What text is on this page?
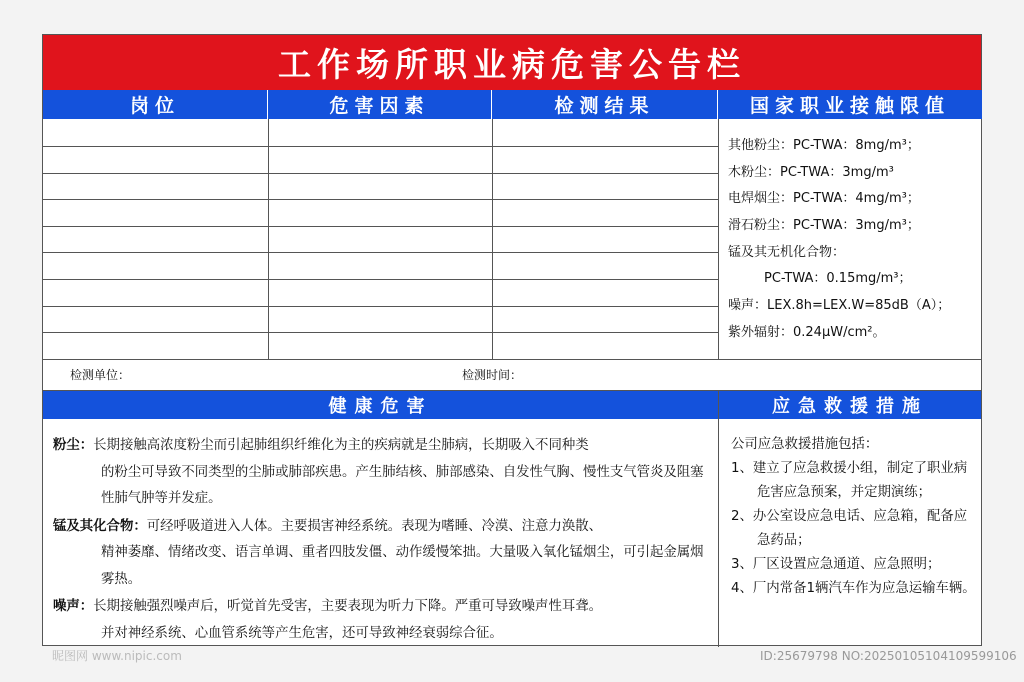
工作场所职业病危害公告栏
岗位	危害因素	检测结果	国家职业接触限值
其他粉尘：PC-TWA：8mg/m³；
木粉尘：PC-TWA：3mg/m³
电焊烟尘：PC-TWA：4mg/m³；
滑石粉尘：PC-TWA：3mg/m³；
锰及其无机化合物：
PC-TWA：0.15mg/m³；
噪声：LEX.8h=LEX.W=85dB（A）；
紫外辐射：0.24μW/cm²。
检测单位：	检测时间：
健康危害	应急救援措施

粉尘：长期接触高浓度粉尘而引起肺组织纤维化为主的疾病就是尘肺病，长期吸入不同种类
的粉尘可导致不同类型的尘肺或肺部疾患。产生肺结核、肺部感染、自发性气胸、慢性支气管炎及阻塞性肺气肿等并发症。

锰及其化合物：可经呼吸道进入人体。主要损害神经系统。表现为嗜睡、冷漠、注意力涣散、
精神萎靡、情绪改变、语言单调、重者四肢发僵、动作缓慢笨拙。大量吸入氧化锰烟尘，可引起金属烟雾热。

噪声：长期接触强烈噪声后，听觉首先受害，主要表现为听力下降。严重可导致噪声性耳聋。
并对神经系统、心血管系统等产生危害，还可导致神经衰弱综合征。

公司应急救援措施包括：

1、建立了应急救援小组，制定了职业病危害应急预案，并定期演练；

2、办公室设应急电话、应急箱，配备应急药品；

3、厂区设置应急通道、应急照明；

4、厂内常备1辆汽车作为应急运输车辆。

昵图网 www.nipic.com	ID:25679798 NO:20250105104109599106
